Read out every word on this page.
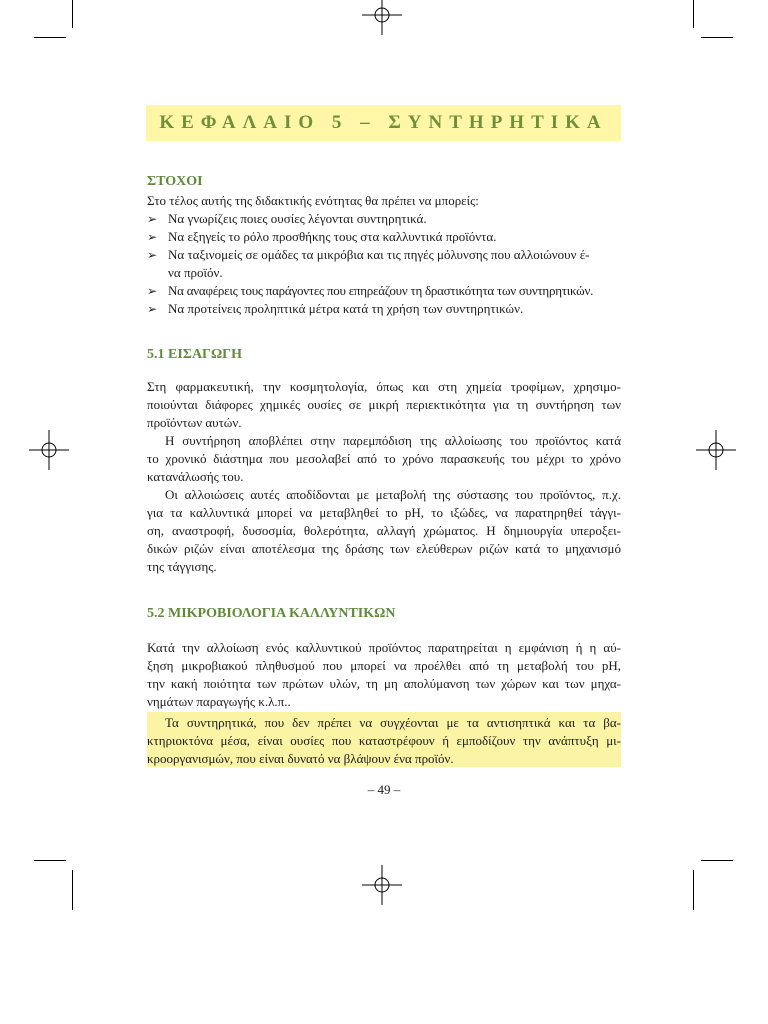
ΚΕΦΑΛΑΙΟ 5 – ΣΥΝΤΗΡΗΤΙΚΑ
ΣΤΟΧΟΙ
Στο τέλος αυτής της διδακτικής ενότητας θα πρέπει να μπορείς:
➢ Να γνωρίζεις ποιες ουσίες λέγονται συντηρητικά.
➢ Να εξηγείς το ρόλο προσθήκης τους στα καλλυντικά προϊόντα.
➢ Να ταξινομείς σε ομάδες τα μικρόβια και τις πηγές μόλυνσης που αλλοιώνουν έ-
να προϊόν.
➢ Να αναφέρεις τους παράγοντες που επηρεάζουν τη δραστικότητα των συντηρητικών.
➢ Να προτείνεις προληπτικά μέτρα κατά τη χρήση των συντηρητικών.
5.1 ΕΙΣΑΓΩΓΗ
Στη φαρμακευτική, την κοσμητολογία, όπως και στη χημεία τροφίμων, χρησιμο-
ποιούνται διάφορες χημικές ουσίες σε μικρή περιεκτικότητα για τη συντήρηση των
προϊόντων αυτών.
Η συντήρηση αποβλέπει στην παρεμπόδιση της αλλοίωσης του προϊόντος κατά
το χρονικό διάστημα που μεσολαβεί από το χρόνο παρασκευής του μέχρι το χρόνο
κατανάλωσής του.
Οι αλλοιώσεις αυτές αποδίδονται με μεταβολή της σύστασης του προϊόντος, π.χ.
για τα καλλυντικά μπορεί να μεταβληθεί το pH, το ιξώδες, να παρατηρηθεί τάγγι-
ση, αναστροφή, δυσοσμία, θολερότητα, αλλαγή χρώματος. Η δημιουργία υπεροξει-
δικών ριζών είναι αποτέλεσμα της δράσης των ελεύθερων ριζών κατά το μηχανισμό
της τάγγισης.
5.2 ΜΙΚΡΟΒΙΟΛΟΓΙΑ ΚΑΛΛΥΝΤΙΚΩΝ
Κατά την αλλοίωση ενός καλλυντικού προϊόντος παρατηρείται η εμφάνιση ή η αύ-
ξηση μικροβιακού πληθυσμού που μπορεί να προέλθει από τη μεταβολή του pH,
την κακή ποιότητα των πρώτων υλών, τη μη απολύμανση των χώρων και των μηχα-
νημάτων παραγωγής κ.λ.π..
Τα συντηρητικά, που δεν πρέπει να συγχέονται με τα αντισηπτικά και τα βα-
κτηριοκτόνα μέσα, είναι ουσίες που καταστρέφουν ή εμποδίζουν την ανάπτυξη μι-
κροοργανισμών, που είναι δυνατό να βλάψουν ένα προϊόν.
– 49 –
